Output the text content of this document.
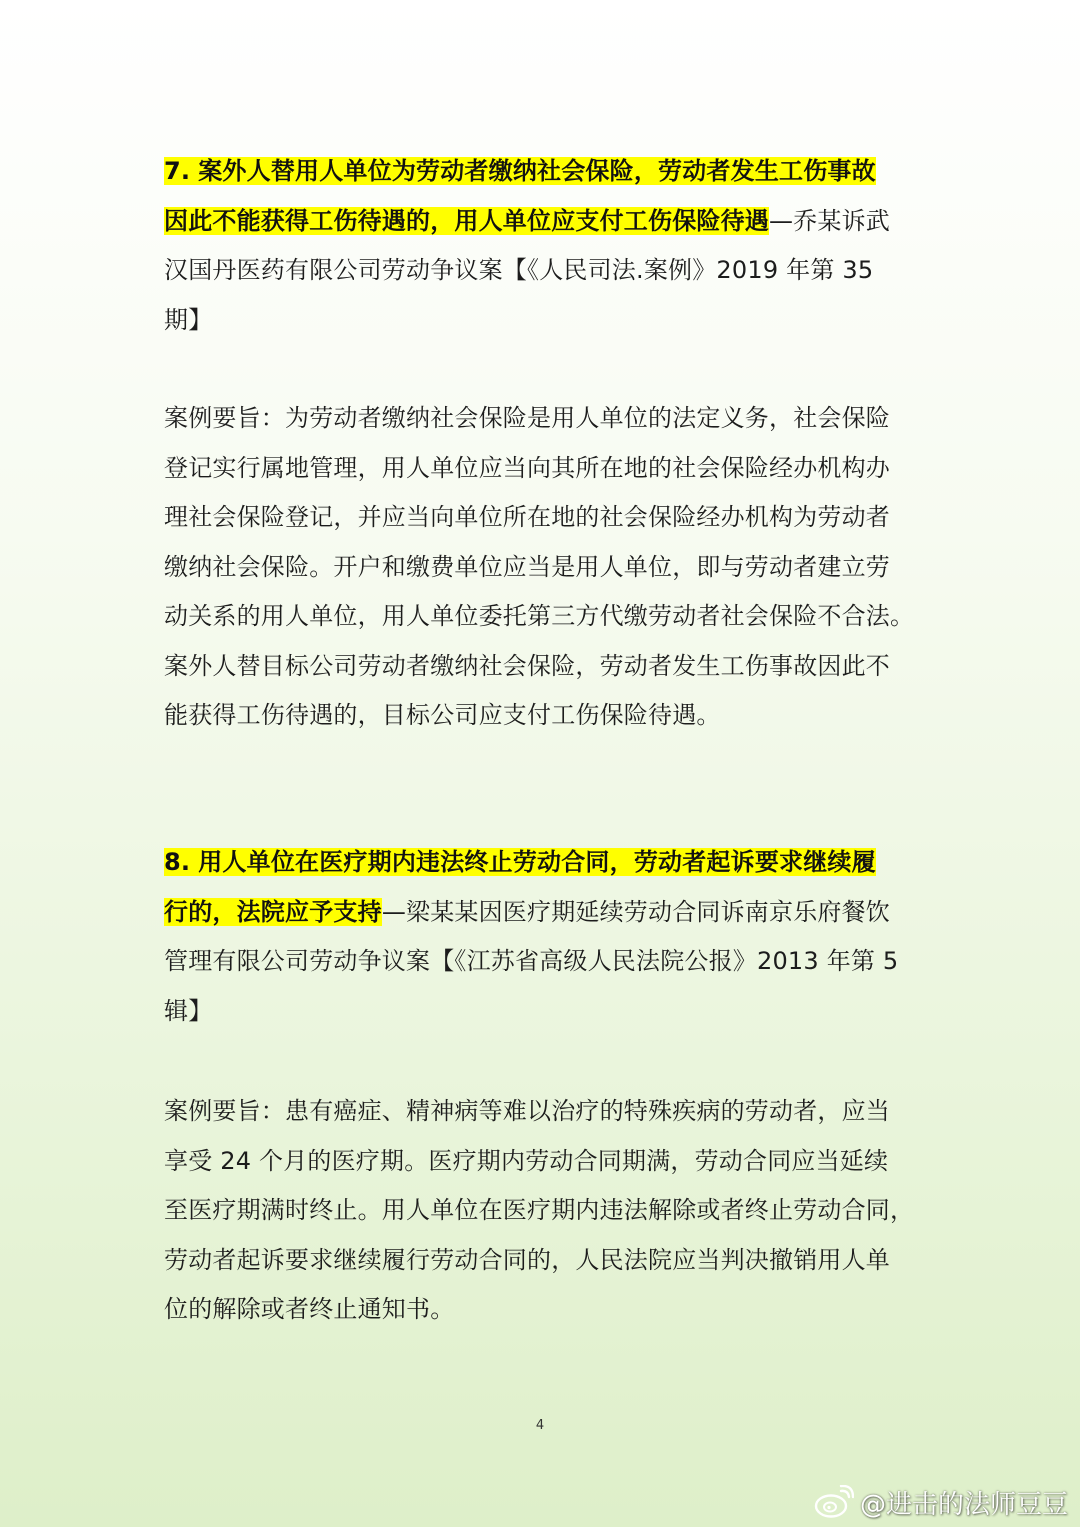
7. 案外人替用人单位为劳动者缴纳社会保险，劳动者发生工伤事故
因此不能获得工伤待遇的，用人单位应支付工伤保险待遇—乔某诉武
汉国丹医药有限公司劳动争议案【《人民司法.案例》2019 年第 35
期】
案例要旨：为劳动者缴纳社会保险是用人单位的法定义务，社会保险
登记实行属地管理，用人单位应当向其所在地的社会保险经办机构办
理社会保险登记，并应当向单位所在地的社会保险经办机构为劳动者
缴纳社会保险。开户和缴费单位应当是用人单位，即与劳动者建立劳
动关系的用人单位，用人单位委托第三方代缴劳动者社会保险不合法。
案外人替目标公司劳动者缴纳社会保险，劳动者发生工伤事故因此不
能获得工伤待遇的，目标公司应支付工伤保险待遇。
8. 用人单位在医疗期内违法终止劳动合同，劳动者起诉要求继续履
行的，法院应予支持—梁某某因医疗期延续劳动合同诉南京乐府餐饮
管理有限公司劳动争议案【《江苏省高级人民法院公报》2013 年第 5
辑】
案例要旨：患有癌症、精神病等难以治疗的特殊疾病的劳动者，应当
享受 24 个月的医疗期。医疗期内劳动合同期满，劳动合同应当延续
至医疗期满时终止。用人单位在医疗期内违法解除或者终止劳动合同，
劳动者起诉要求继续履行劳动合同的，人民法院应当判决撤销用人单
位的解除或者终止通知书。
4
@进击的法师豆豆
